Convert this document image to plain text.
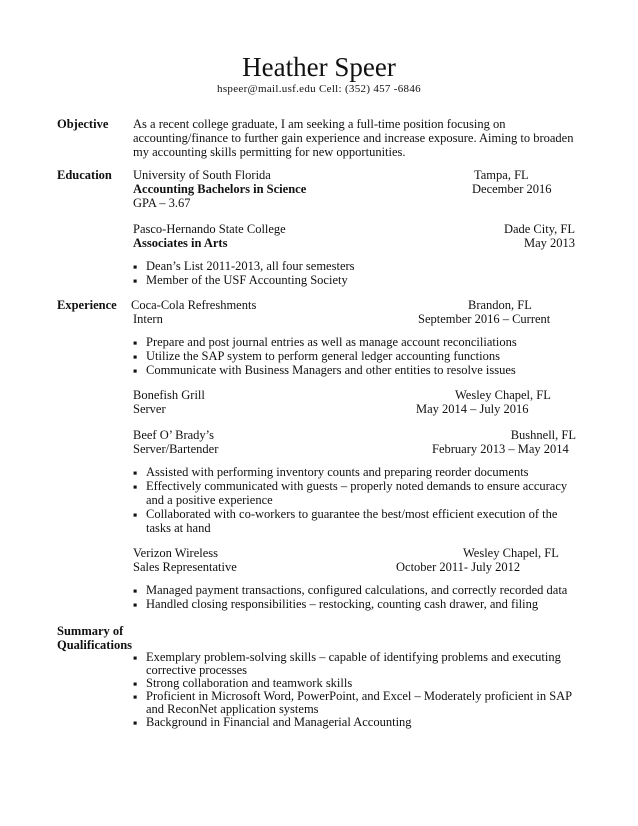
Heather Speer
hspeer@mail.usf.edu Cell: (352) 457 -6846
Objective As a recent college graduate, I am seeking a full-time position focusing on
accounting/finance to further gain experience and increase exposure. Aiming to broaden
my accounting skills permitting for new opportunities.
Education University of South Florida	Tampa, FL
Accounting Bachelors in Science	December 2016
GPA – 3.67
Pasco-Hernando State College	Dade City, FL
Associates in Arts	May 2013
▪ Dean’s List 2011-2013, all four semesters
▪ Member of the USF Accounting Society
Experience Coca-Cola Refreshments	Brandon, FL
Intern	September 2016 – Current
▪ Prepare and post journal entries as well as manage account reconciliations
▪ Utilize the SAP system to perform general ledger accounting functions
▪ Communicate with Business Managers and other entities to resolve issues
Bonefish Grill	Wesley Chapel, FL
Server	May 2014 – July 2016
Beef O’ Brady’s	Bushnell, FL
Server/Bartender	February 2013 – May 2014
▪ Assisted with performing inventory counts and preparing reorder documents
▪ Effectively communicated with guests – properly noted demands to ensure accuracy
and a positive experience
▪ Collaborated with co-workers to guarantee the best/most efficient execution of the
tasks at hand
Verizon Wireless	Wesley Chapel, FL
Sales Representative	October 2011- July 2012
▪ Managed payment transactions, configured calculations, and correctly recorded data
▪ Handled closing responsibilities – restocking, counting cash drawer, and filing
Summary of
Qualifications
▪ Exemplary problem-solving skills – capable of identifying problems and executing
corrective processes
▪ Strong collaboration and teamwork skills
▪ Proficient in Microsoft Word, PowerPoint, and Excel – Moderately proficient in SAP
and ReconNet application systems
▪ Background in Financial and Managerial Accounting
